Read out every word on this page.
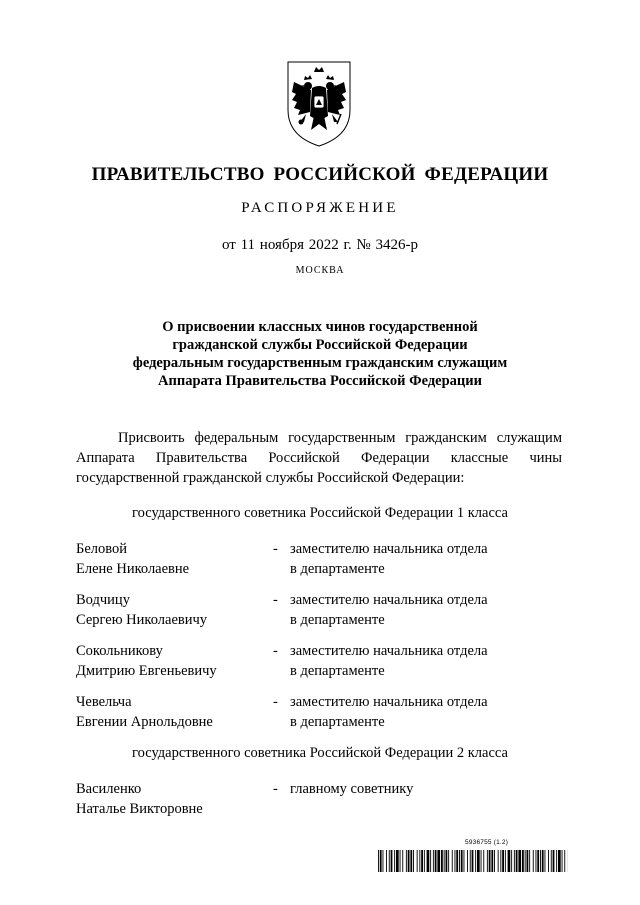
ПРАВИТЕЛЬСТВО РОССИЙСКОЙ ФЕДЕРАЦИИ
РАСПОРЯЖЕНИЕ
от 11 ноября 2022 г. № 3426-р
МОСКВА
О присвоении классных чинов государственной
гражданской службы Российской Федерации
федеральным государственным гражданским служащим
Аппарата Правительства Российской Федерации
Присвоить федеральным государственным гражданским служащим Аппарата Правительства Российской Федерации классные чины государственной гражданской службы Российской Федерации:
государственного советника Российской Федерации 1 класса
Беловой
Елене Николаевне
- заместителю начальника отдела
в департаменте
Водчицу
Сергею Николаевичу
- заместителю начальника отдела
в департаменте
Сокольникову
Дмитрию Евгеньевичу
- заместителю начальника отдела
в департаменте
Чевельча
Евгении Арнольдовне
- заместителю начальника отдела
в департаменте
государственного советника Российской Федерации 2 класса
Василенко
Наталье Викторовне
- главному советнику
5936755 (1.2)
